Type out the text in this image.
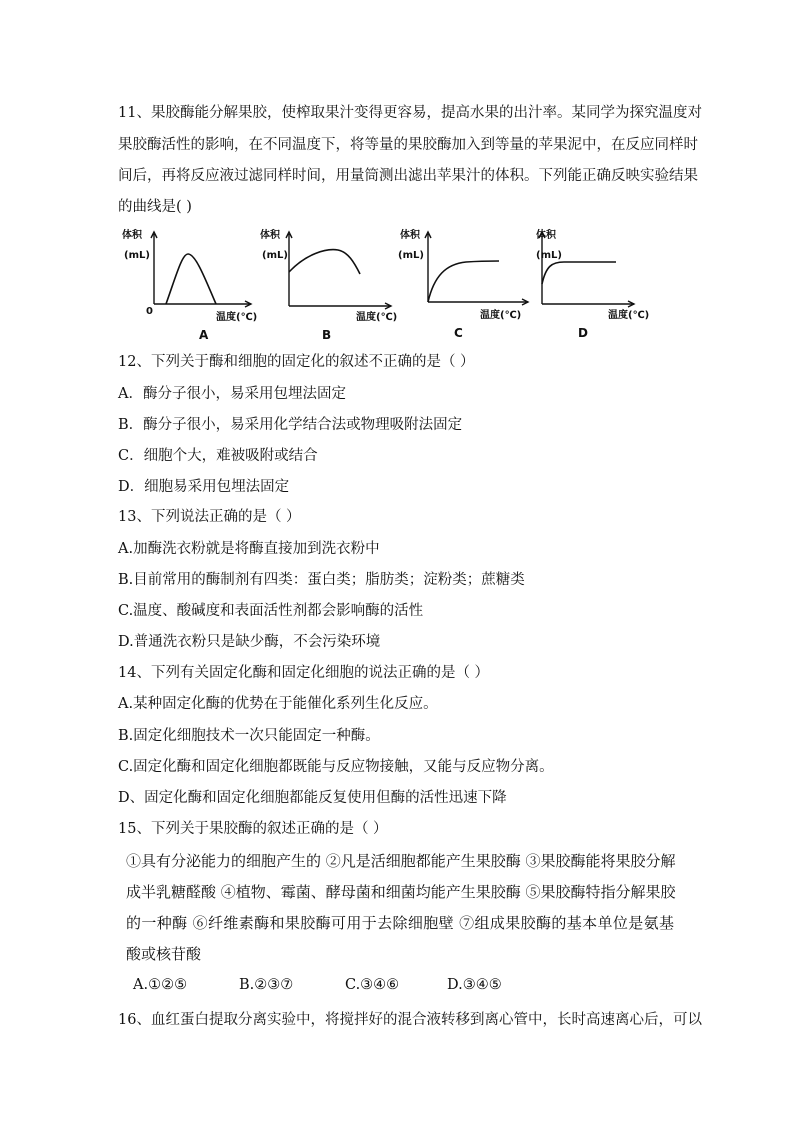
11、果胶酶能分解果胶，使榨取果汁变得更容易，提高水果的出汁率。某同学为探究温度对
果胶酶活性的影响，在不同温度下，将等量的果胶酶加入到等量的苹果泥中，在反应同样时
间后，再将反应液过滤同样时间，用量筒测出滤出苹果汁的体积。下列能正确反映实验结果
的曲线是( )
体积
(mL)
0
温度(℃)
A
体积
(mL)
温度(℃)
B
体积
(mL)
温度(℃)
C
体积
(mL)
温度(℃)
D
12、下列关于酶和细胞的固定化的叙述不正确的是（ ）
A．酶分子很小，易采用包埋法固定
B．酶分子很小，易采用化学结合法或物理吸附法固定
C．细胞个大，难被吸附或结合
D．细胞易采用包埋法固定
13、下列说法正确的是（ ）
A.加酶洗衣粉就是将酶直接加到洗衣粉中
B.目前常用的酶制剂有四类：蛋白类；脂肪类；淀粉类；蔗糖类
C.温度、酸碱度和表面活性剂都会影响酶的活性
D.普通洗衣粉只是缺少酶，不会污染环境
14、下列有关固定化酶和固定化细胞的说法正确的是（ ）
A.某种固定化酶的优势在于能催化系列生化反应。
B.固定化细胞技术一次只能固定一种酶。
C.固定化酶和固定化细胞都既能与反应物接触，又能与反应物分离。
D、固定化酶和固定化细胞都能反复使用但酶的活性迅速下降
15、下列关于果胶酶的叙述正确的是（ ）
①具有分泌能力的细胞产生的 ②凡是活细胞都能产生果胶酶 ③果胶酶能将果胶分解
成半乳糖醛酸 ④植物、霉菌、酵母菌和细菌均能产生果胶酶 ⑤果胶酶特指分解果胶
的一种酶 ⑥纤维素酶和果胶酶可用于去除细胞壁 ⑦组成果胶酶的基本单位是氨基
酸或核苷酸
A.①②⑤	B.②③⑦	C.③④⑥	D.③④⑤
16、血红蛋白提取分离实验中，将搅拌好的混合液转移到离心管中，长时高速离心后，可以
